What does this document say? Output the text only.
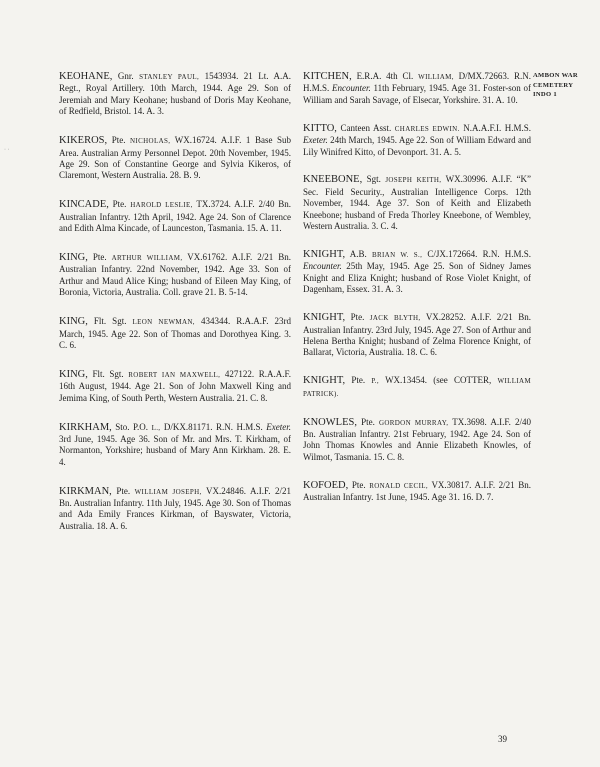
· ·

KEOHANE, Gnr. STANLEY PAUL, 1543934. 21 Lt. A.A. Regt., Royal Artillery. 10th March, 1944. Age 29. Son of Jeremiah and Mary Keohane; husband of Doris May Keohane, of Redfield, Bristol. 14. A. 3.

KIKEROS, Pte. NICHOLAS, WX.16724. A.I.F. 1 Base Sub Area. Australian Army Personnel Depot. 20th November, 1945. Age 29. Son of Constantine George and Sylvia Kikeros, of Claremont, Western Australia. 28. B. 9.

KINCADE, Pte. HAROLD LESLIE, TX.3724. A.I.F. 2/40 Bn. Australian Infantry. 12th April, 1942. Age 24. Son of Clarence and Edith Alma Kincade, of Launceston, Tasmania. 15. A. 11.

KING, Pte. ARTHUR WILLIAM, VX.61762. A.I.F. 2/21 Bn. Australian Infantry. 22nd November, 1942. Age 33. Son of Arthur and Maud Alice King; husband of Eileen May King, of Boronia, Victoria, Australia. Coll. grave 21. B. 5-14.

KING, Flt. Sgt. LEON NEWMAN, 434344. R.A.A.F. 23rd March, 1945. Age 22. Son of Thomas and Dorothyea King. 3. C. 6.

KING, Flt. Sgt. ROBERT IAN MAXWELL, 427122. R.A.A.F. 16th August, 1944. Age 21. Son of John Maxwell King and Jemima King, of South Perth, Western Australia. 21. C. 8.

KIRKHAM, Sto. P.O. L., D/KX.81171. R.N. H.M.S. Exeter. 3rd June, 1945. Age 36. Son of Mr. and Mrs. T. Kirkham, of Normanton, Yorkshire; husband of Mary Ann Kirkham. 28. E. 4.

KIRKMAN, Pte. WILLIAM JOSEPH, VX.24846. A.I.F. 2/21 Bn. Australian Infantry. 11th July, 1945. Age 30. Son of Thomas and Ada Emily Frances Kirkman, of Bayswater, Victoria, Australia. 18. A. 6.

KITCHEN, E.R.A. 4th Cl. WILLIAM, D/MX.72663. R.N. H.M.S. Encounter. 11th February, 1945. Age 31. Foster-son of William and Sarah Savage, of Elsecar, Yorkshire. 31. A. 10.

KITTO, Canteen Asst. CHARLES EDWIN. N.A.A.F.I. H.M.S. Exeter. 24th March, 1945. Age 22. Son of William Edward and Lily Winifred Kitto, of Devonport. 31. A. 5.

KNEEBONE, Sgt. JOSEPH KEITH, WX.30996. A.I.F. “K” Sec. Field Security., Australian Intelligence Corps. 12th November, 1944. Age 37. Son of Keith and Elizabeth Kneebone; husband of Freda Thorley Kneebone, of Wembley, Western Australia. 3. C. 4.

KNIGHT, A.B. BRIAN W. S., C/JX.172664. R.N. H.M.S. Encounter. 25th May, 1945. Age 25. Son of Sidney James Knight and Eliza Knight; husband of Rose Violet Knight, of Dagenham, Essex. 31. A. 3.

KNIGHT, Pte. JACK BLYTH, VX.28252. A.I.F. 2/21 Bn. Australian Infantry. 23rd July, 1945. Age 27. Son of Arthur and Helena Bertha Knight; husband of Zelma Florence Knight, of Ballarat, Victoria, Australia. 18. C. 6.

KNIGHT, Pte. P., WX.13454. (see COTTER, WILLIAM PATRICK).

KNOWLES, Pte. GORDON MURRAY, TX.3698. A.I.F. 2/40 Bn. Australian Infantry. 21st February, 1942. Age 24. Son of John Thomas Knowles and Annie Elizabeth Knowles, of Wilmot, Tasmania. 15. C. 8.

KOFOED, Pte. RONALD CECIL, VX.30817. A.I.F. 2/21 Bn. Australian Infantry. 1st June, 1945. Age 31. 16. D. 7.

AMBON WAR
CEMETERY
INDO 1
39
